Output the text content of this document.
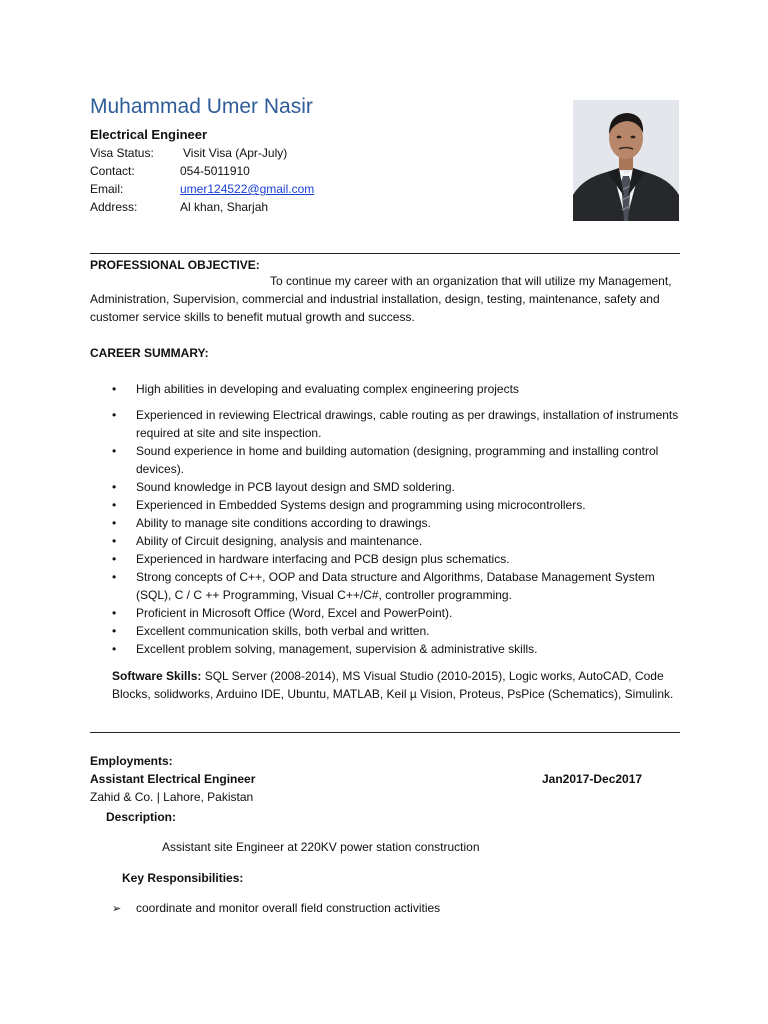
Muhammad Umer Nasir
Electrical Engineer
Visa Status: Visit Visa (Apr-July)
Contact:	054-5011910
Email:	umer124522@gmail.com
Address:	Al khan, Sharjah
PROFESSIONAL OBJECTIVE:
To continue my career with an organization that will utilize my Management, Administration, Supervision, commercial and industrial installation, design, testing, maintenance, safety and customer service skills to benefit mutual growth and success.
CAREER SUMMARY:
• High abilities in developing and evaluating complex engineering projects
• Experienced in reviewing Electrical drawings, cable routing as per drawings, installation of instruments required at site and site inspection.
• Sound experience in home and building automation (designing, programming and installing control devices).
• Sound knowledge in PCB layout design and SMD soldering.
• Experienced in Embedded Systems design and programming using microcontrollers.
• Ability to manage site conditions according to drawings.
• Ability of Circuit designing, analysis and maintenance.
• Experienced in hardware interfacing and PCB design plus schematics.
• Strong concepts of C++, OOP and Data structure and Algorithms, Database Management System (SQL), C / C ++ Programming, Visual C++/C#, controller programming.
• Proficient in Microsoft Office (Word, Excel and PowerPoint).
• Excellent communication skills, both verbal and written.
• Excellent problem solving, management, supervision & administrative skills.
Software Skills: SQL Server (2008-2014), MS Visual Studio (2010-2015), Logic works, AutoCAD, Code Blocks, solidworks, Arduino IDE, Ubuntu, MATLAB, Keil µ Vision, Proteus, PsPice (Schematics), Simulink.
Employments:
Assistant Electrical Engineer	Jan2017-Dec2017
Zahid & Co. | Lahore, Pakistan
Description:
Assistant site Engineer at 220KV power station construction
Key Responsibilities:
➢ coordinate and monitor overall field construction activities
